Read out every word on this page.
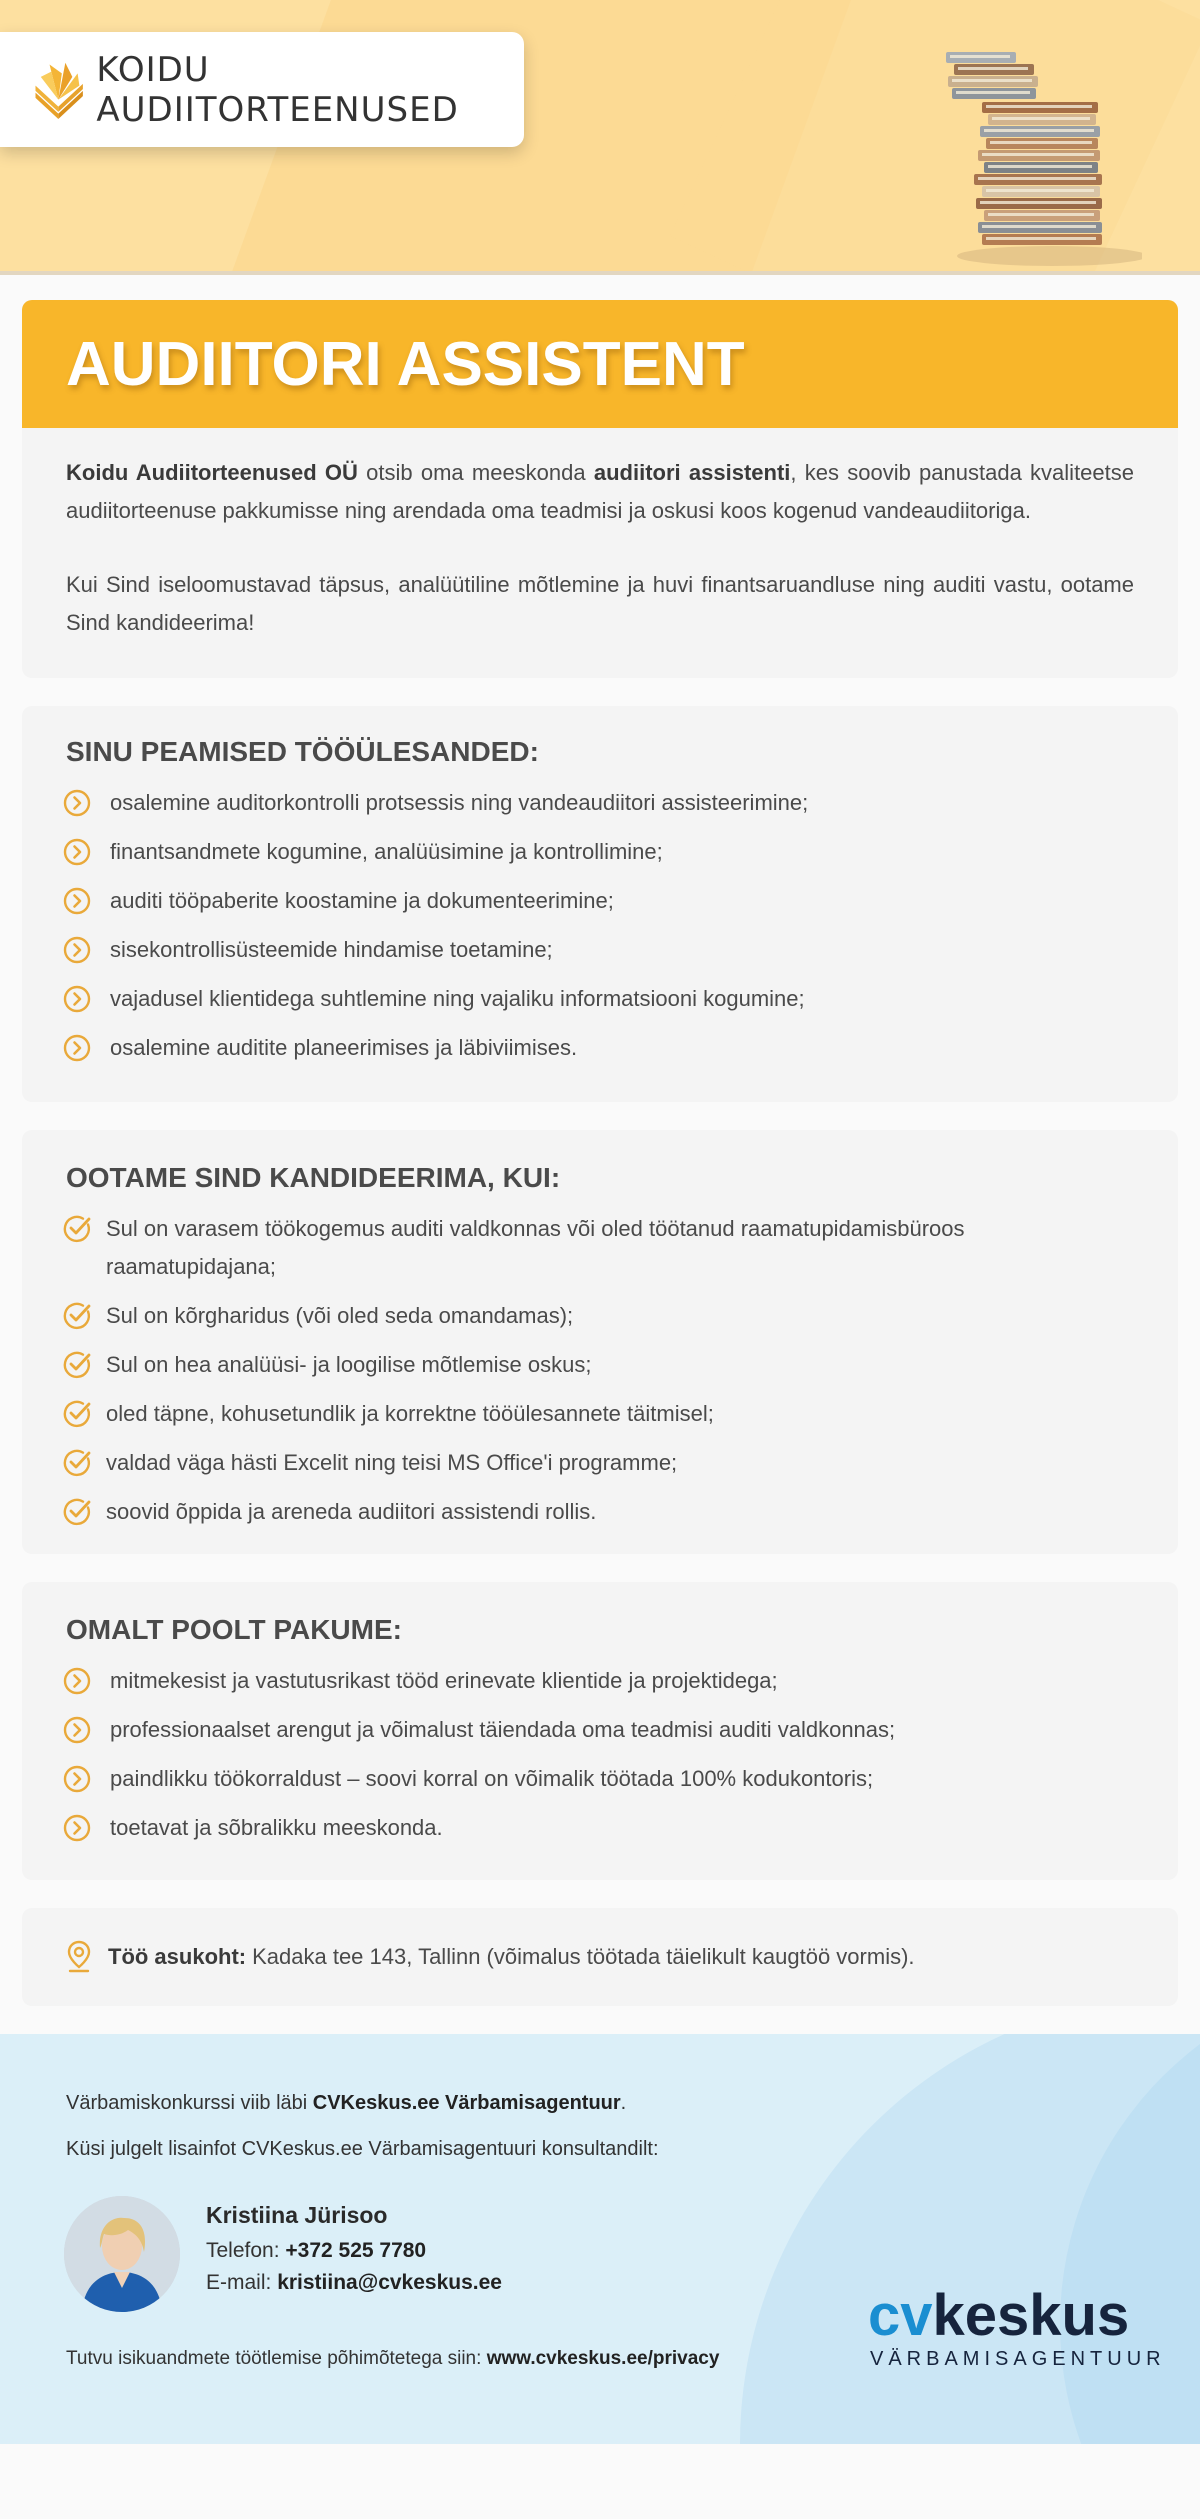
KOIDU AUDIITORTEENUSED
AUDIITORI ASSISTENT

Koidu Audiitorteenused OÜ otsib oma meeskonda audiitori assistenti, kes soovib panustada kvaliteetse audiitorteenuse pakkumisse ning arendada oma teadmisi ja oskusi koos kogenud vandeaudiitoriga.

Kui Sind iseloomustavad täpsus, analüütiline mõtlemine ja huvi finantsaruandluse ning auditi vastu, ootame Sind kandideerima!

SINU PEAMISED TÖÖÜLESANDED:
osalemine auditorkontrolli protsessis ning vandeaudiitori assisteerimine;
finantsandmete kogumine, analüüsimine ja kontrollimine;
auditi tööpaberite koostamine ja dokumenteerimine;
sisekontrollisüsteemide hindamise toetamine;
vajadusel klientidega suhtlemine ning vajaliku informatsiooni kogumine;
osalemine auditite planeerimises ja läbiviimises.
OOTAME SIND KANDIDEERIMA, KUI:
Sul on varasem töökogemus auditi valdkonnas või oled töötanud raamatupidamisbüroos raamatupidajana;
Sul on kõrgharidus (või oled seda omandamas);
Sul on hea analüüsi- ja loogilise mõtlemise oskus;
oled täpne, kohusetundlik ja korrektne tööülesannete täitmisel;
valdad väga hästi Excelit ning teisi MS Office'i programme;
soovid õppida ja areneda audiitori assistendi rollis.
OMALT POOLT PAKUME:
mitmekesist ja vastutusrikast tööd erinevate klientide ja projektidega;
professionaalset arengut ja võimalust täiendada oma teadmisi auditi valdkonnas;
paindlikku töökorraldust – soovi korral on võimalik töötada 100% kodukontoris;
toetavat ja sõbralikku meeskonda.
Töö asukoht: Kadaka tee 143, Tallinn (võimalus töötada täielikult kaugtöö vormis).
Värbamiskonkurssi viib läbi CVKeskus.ee Värbamisagentuur.
Küsi julgelt lisainfot CVKeskus.ee Värbamisagentuuri konsultandilt:
Kristiina Jürisoo
Telefon: +372 525 7780
E-mail: kristiina@cvkeskus.ee
Tutvu isikuandmete töötlemise põhimõtetega siin: www.cvkeskus.ee/privacy
cv keskus
VÄRBAMISAGENTUUR
